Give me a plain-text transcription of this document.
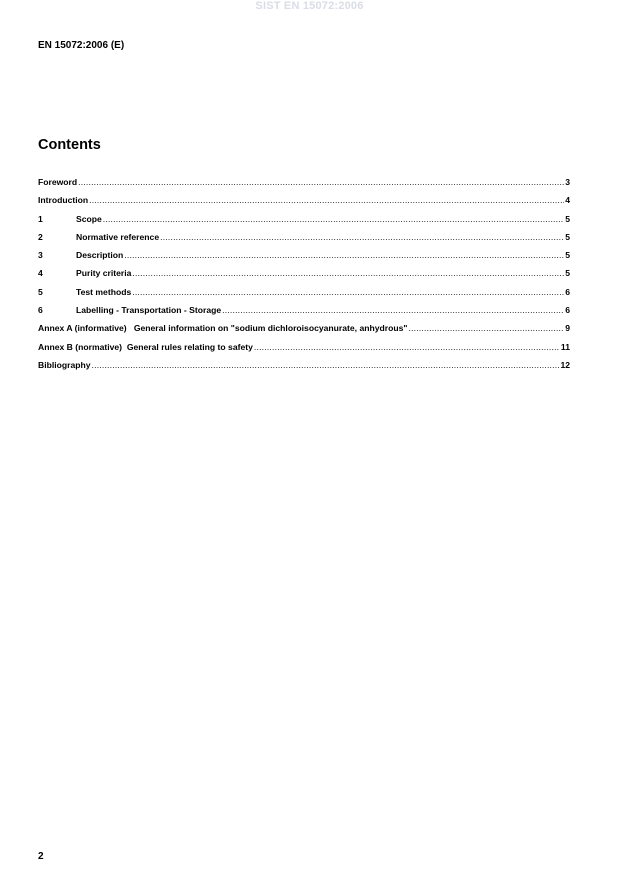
SIST EN 15072:2006
EN 15072:2006 (E)
Contents
Foreword .....	3
Introduction .....	4
1	Scope .....	5
2	Normative reference .....	5
3	Description .....	5
4	Purity criteria .....	5
5	Test methods .....	6
6	Labelling - Transportation - Storage .....	6
Annex A (informative)   General information on "sodium dichloroisocyanurate, anhydrous" .....	9
Annex B (normative)  General rules relating to safety .....	11
Bibliography .....	12
2
